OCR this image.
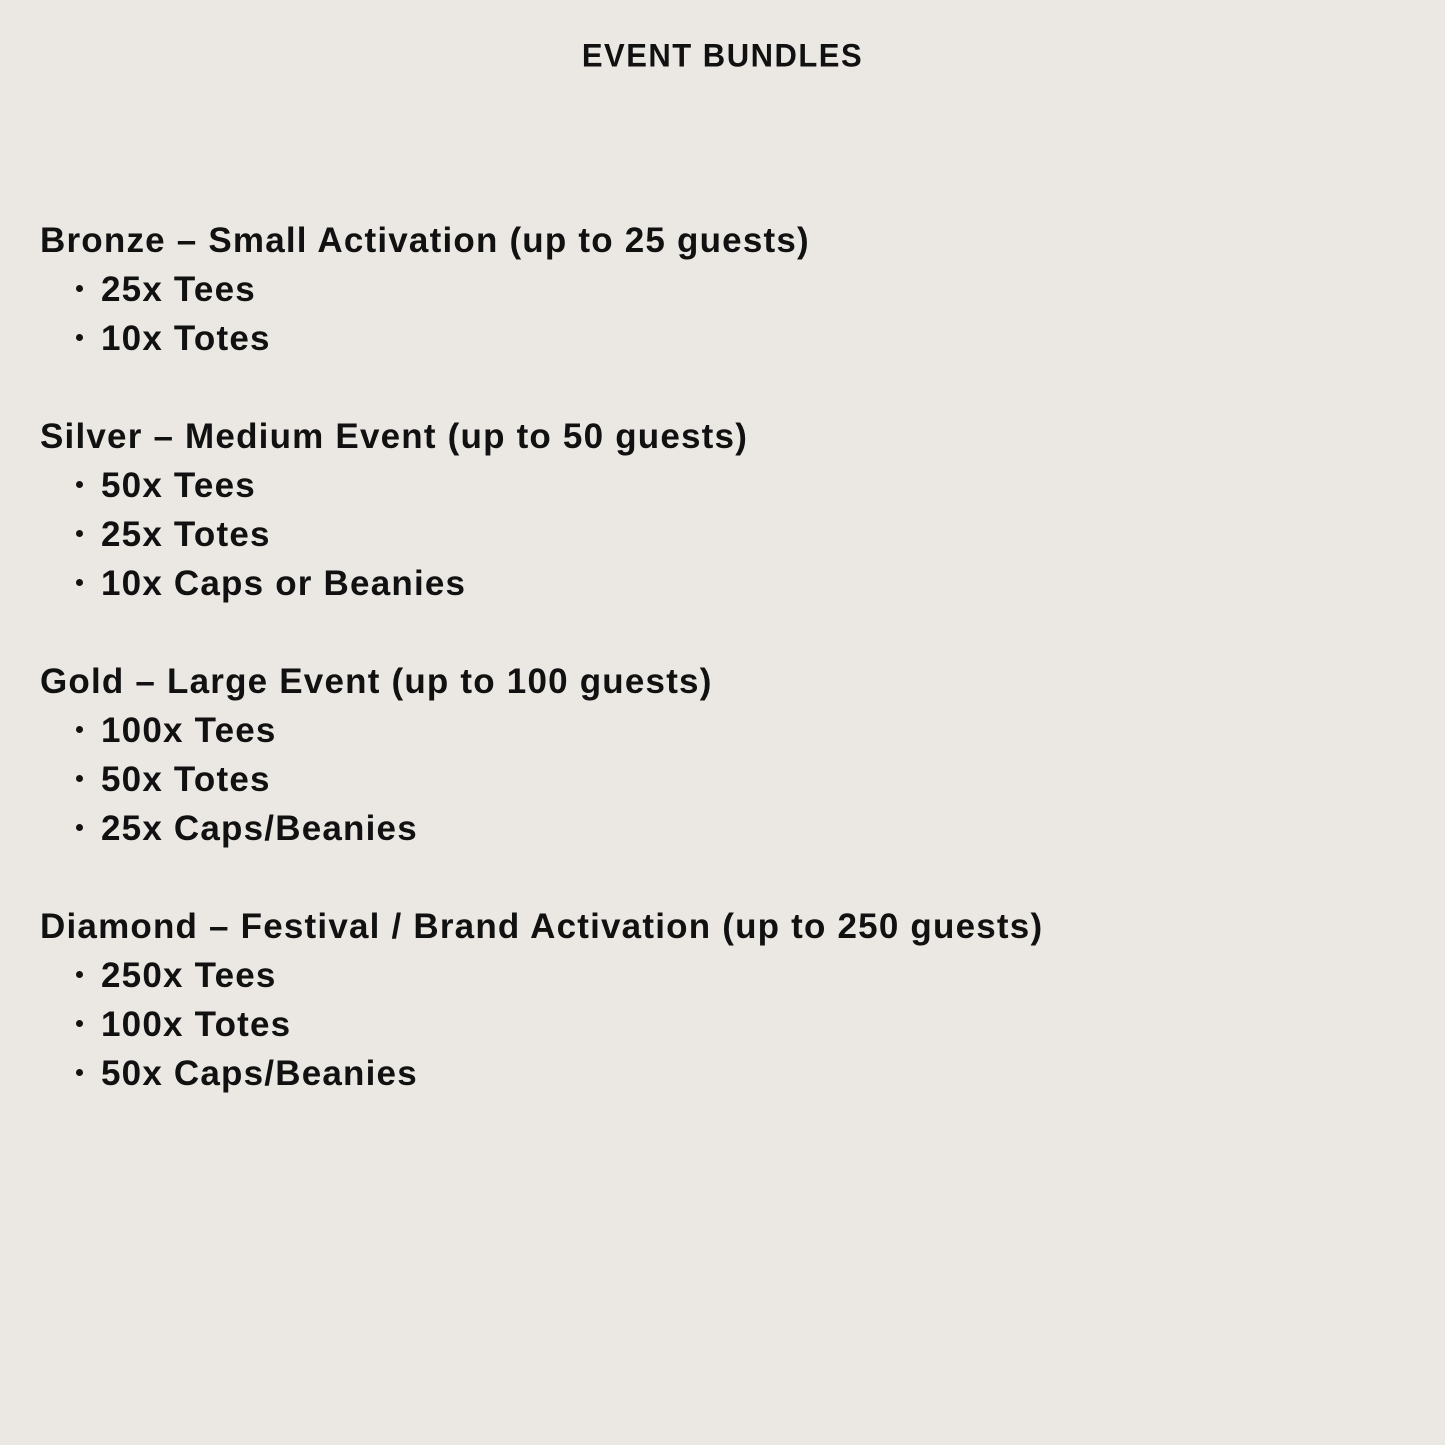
EVENT BUNDLES
Bronze – Small Activation (up to 25 guests)
25x Tees
10x Totes
Silver – Medium Event (up to 50 guests)
50x Tees
25x Totes
10x Caps or Beanies
Gold – Large Event (up to 100 guests)
100x Tees
50x Totes
25x Caps/Beanies
Diamond – Festival / Brand Activation (up to 250 guests)
250x Tees
100x Totes
50x Caps/Beanies
